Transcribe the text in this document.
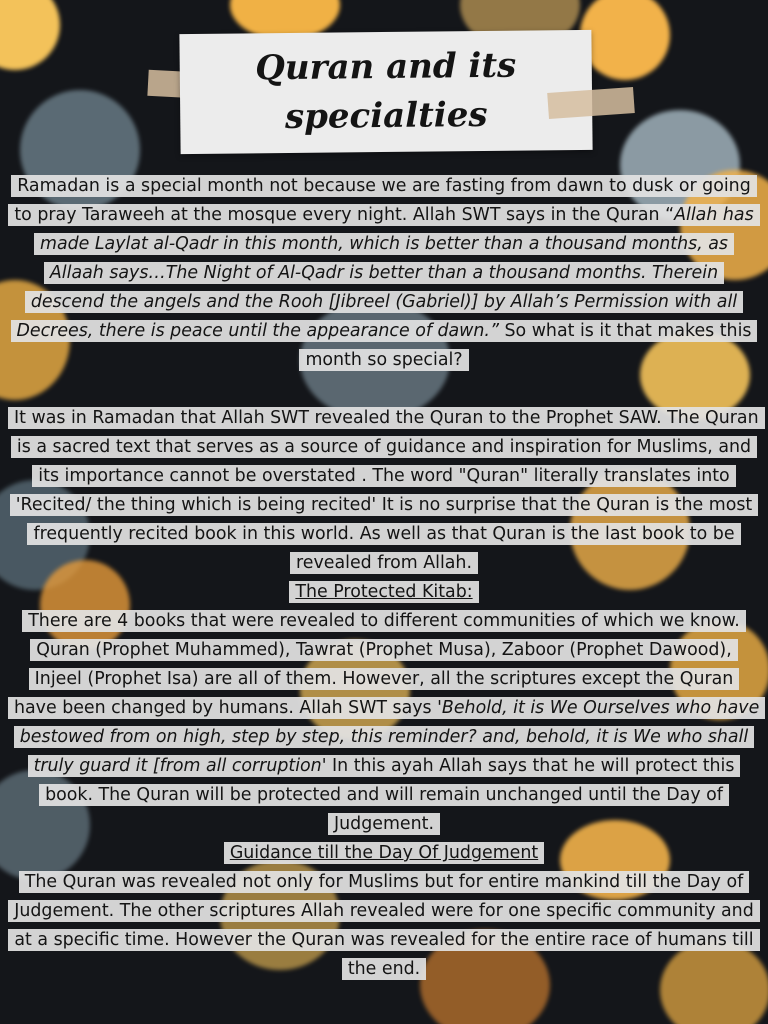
Quran and its
specialties

Ramadan is a special month not because we are fasting from dawn to dusk or going to pray Taraweeh at the mosque every night. Allah SWT says in the Quran “Allah has made Laylat al-Qadr in this month, which is better than a thousand months, as Allaah says…The Night of Al-Qadr is better than a thousand months. Therein descend the angels and the Rooh [Jibreel (Gabriel)] by Allah’s Permission with all Decrees, there is peace until the appearance of dawn.” So what is it that makes this month so special?

It was in Ramadan that Allah SWT revealed the Quran to the Prophet SAW. The Quran is a sacred text that serves as a source of guidance and inspiration for Muslims, and its importance cannot be overstated . The word "Quran" literally translates into 'Recited/ the thing which is being recited' It is no surprise that the Quran is the most frequently recited book in this world. As well as that Quran is the last book to be revealed from Allah.

The Protected Kitab:

There are 4 books that were revealed to different communities of which we know. Quran (Prophet Muhammed), Tawrat (Prophet Musa), Zaboor (Prophet Dawood), Injeel (Prophet Isa) are all of them. However, all the scriptures except the Quran have been changed by humans. Allah SWT says 'Behold, it is We Ourselves who have bestowed from on high, step by step, this reminder? and, behold, it is We who shall truly guard it [from all corruption' In this ayah Allah says that he will protect this book. The Quran will be protected and will remain unchanged until the Day of Judgement.

Guidance till the Day Of Judgement

The Quran was revealed not only for Muslims but for entire mankind till the Day of Judgement. The other scriptures Allah revealed were for one specific community and at a specific time. However the Quran was revealed for the entire race of humans till the end.
